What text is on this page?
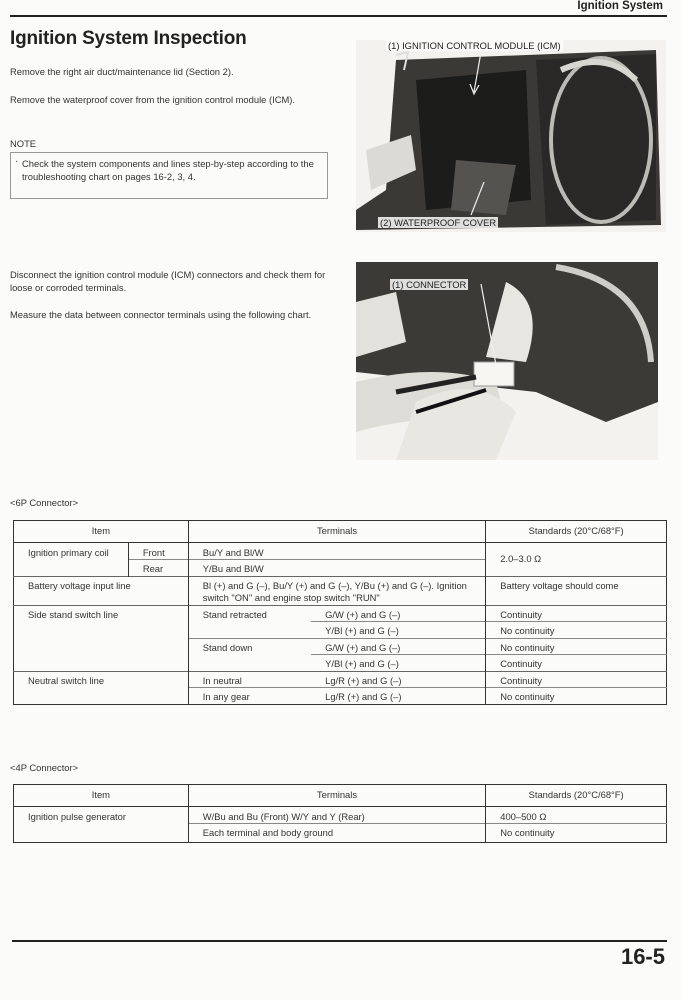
Ignition System
Ignition System Inspection
Remove the right air duct/maintenance lid (Section 2).
Remove the waterproof cover from the ignition control module (ICM).
NOTE
· Check the system components and lines step-by-step according to the troubleshooting chart on pages 16-2, 3, 4.
(1) IGNITION CONTROL MODULE (ICM)
(2) WATERPROOF COVER
Disconnect the ignition control module (ICM) connectors and check them for loose or corroded terminals.
Measure the data between connector terminals using the following chart.
(1) CONNECTOR
<6P Connector>
Item		Terminals		Standards (20°C/68°F)
Ignition primary coil	Front	Bu/Y and Bl/W		2.0–3.0 Ω
	Rear	Y/Bu and Bl/W		
Battery voltage input line		Bl (+) and G (–), Bu/Y (+) and G (–), Y/Bu (+) and G (–). Ignition switch "ON" and engine stop switch "RUN"		Battery voltage should come
Side stand switch line		Stand retracted	G/W (+) and G (–)	Continuity
			Y/Bl (+) and G (–)	No continuity
		Stand down	G/W (+) and G (–)	No continuity
			Y/Bl (+) and G (–)	Continuity
Neutral switch line		In neutral	Lg/R (+) and G (–)	Continuity
		In any gear	Lg/R (+) and G (–)	No continuity
<4P Connector>
Item	Terminals	Standards (20°C/68°F)
Ignition pulse generator	W/Bu and Bu (Front) W/Y and Y (Rear)	400–500 Ω
	Each terminal and body ground	No continuity
16-5
